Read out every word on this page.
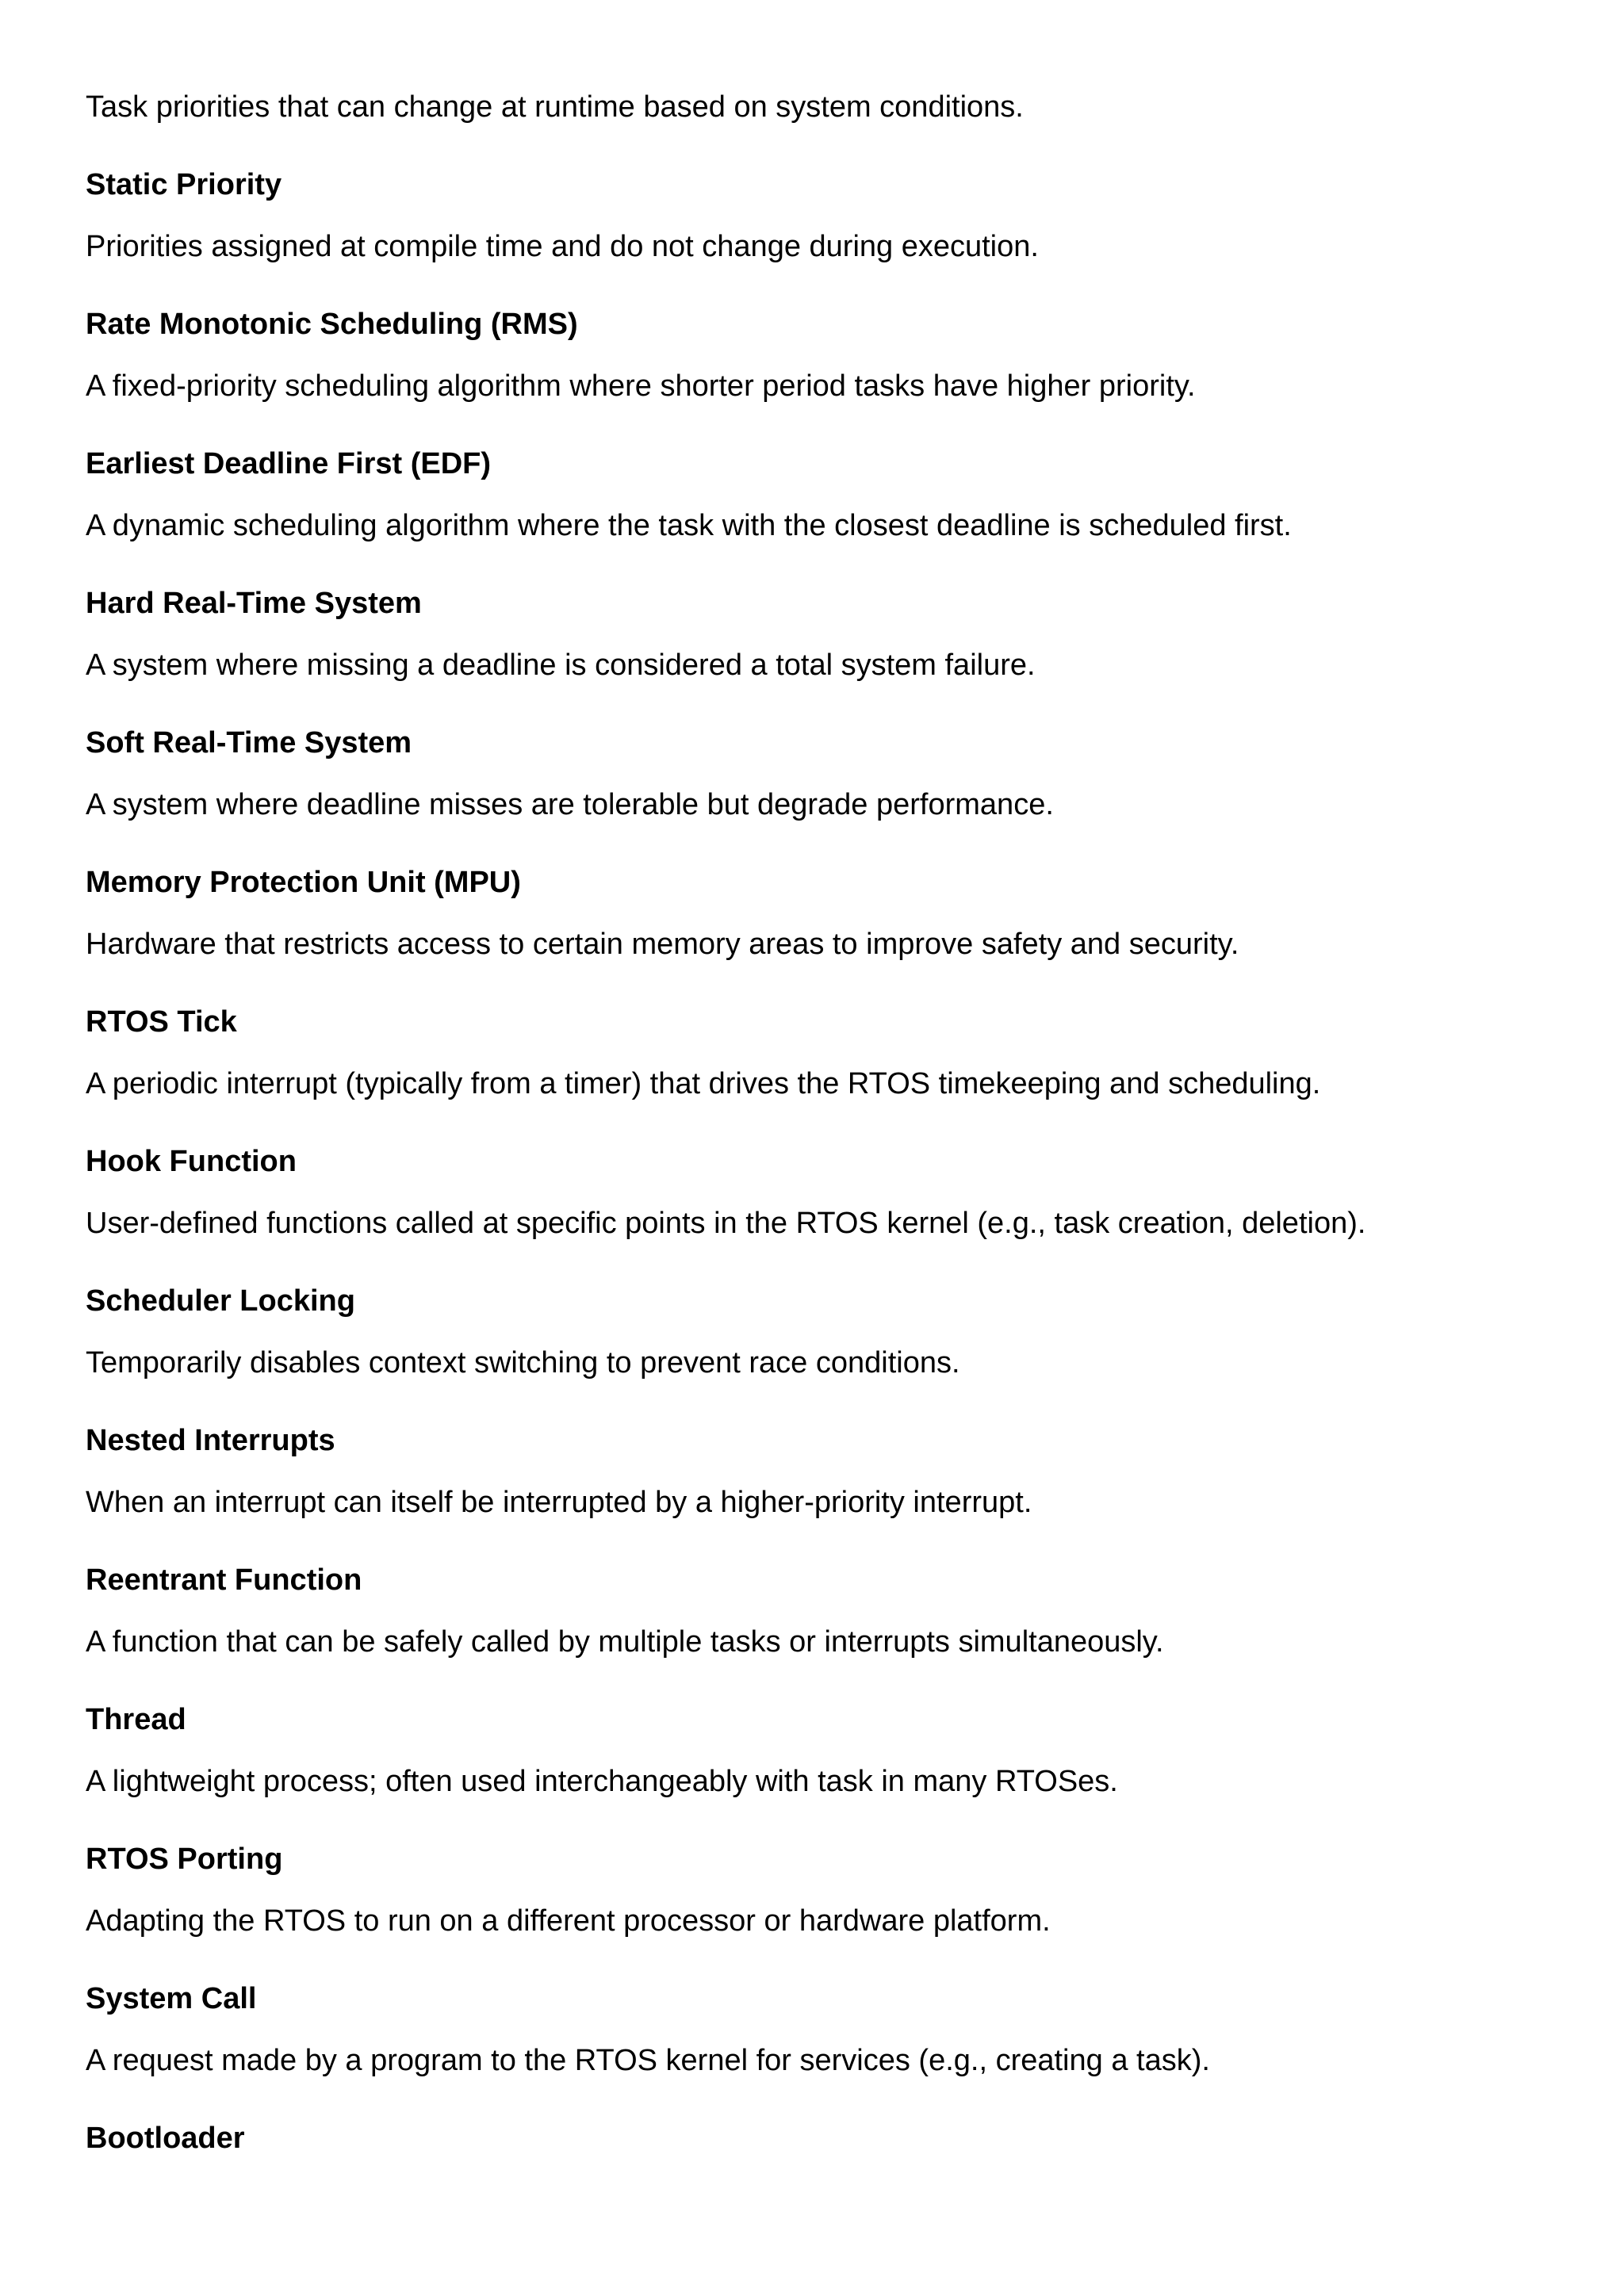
Task priorities that can change at runtime based on system conditions.
Static Priority
Priorities assigned at compile time and do not change during execution.
Rate Monotonic Scheduling (RMS)
A fixed-priority scheduling algorithm where shorter period tasks have higher priority.
Earliest Deadline First (EDF)
A dynamic scheduling algorithm where the task with the closest deadline is scheduled first.
Hard Real-Time System
A system where missing a deadline is considered a total system failure.
Soft Real-Time System
A system where deadline misses are tolerable but degrade performance.
Memory Protection Unit (MPU)
Hardware that restricts access to certain memory areas to improve safety and security.
RTOS Tick
A periodic interrupt (typically from a timer) that drives the RTOS timekeeping and scheduling.
Hook Function
User-defined functions called at specific points in the RTOS kernel (e.g., task creation, deletion).
Scheduler Locking
Temporarily disables context switching to prevent race conditions.
Nested Interrupts
When an interrupt can itself be interrupted by a higher-priority interrupt.
Reentrant Function
A function that can be safely called by multiple tasks or interrupts simultaneously.
Thread
A lightweight process; often used interchangeably with task in many RTOSes.
RTOS Porting
Adapting the RTOS to run on a different processor or hardware platform.
System Call
A request made by a program to the RTOS kernel for services (e.g., creating a task).
Bootloader
